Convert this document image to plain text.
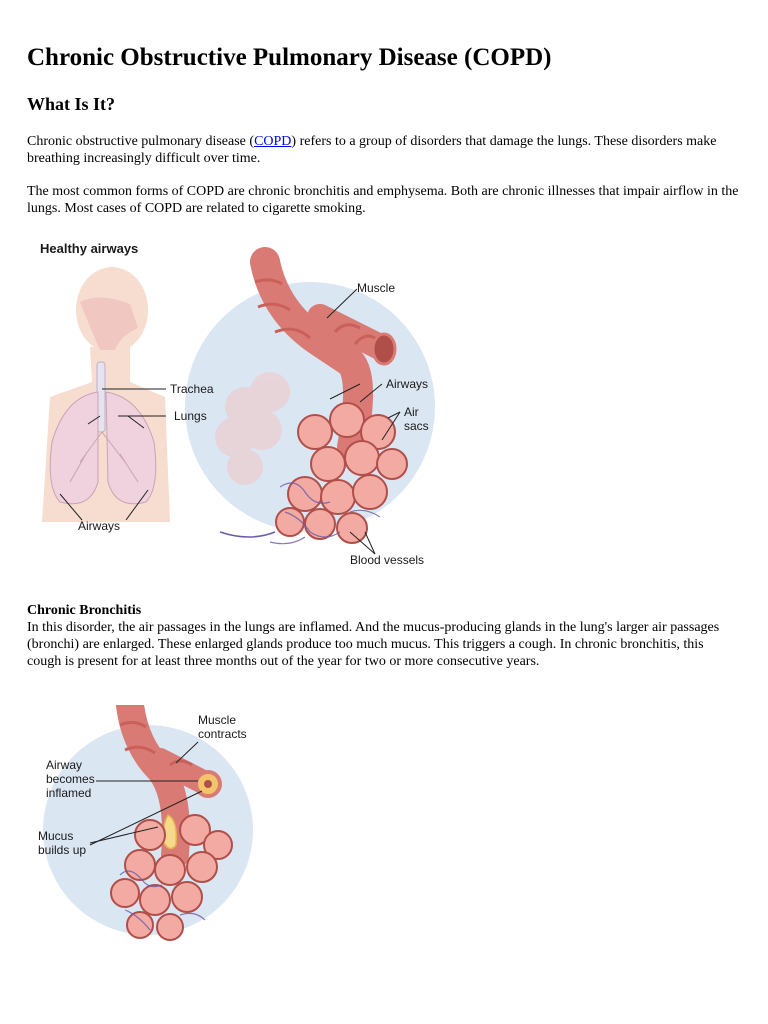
Chronic Obstructive Pulmonary Disease (COPD)
What Is It?

Chronic obstructive pulmonary disease (COPD) refers to a group of disorders that damage the lungs. These disorders make breathing increasingly difficult over time.

The most common forms of COPD are chronic bronchitis and emphysema. Both are chronic illnesses that impair airflow in the lungs. Most cases of COPD are related to cigarette smoking.

Chronic Bronchitis
In this disorder, the air passages in the lungs are inflamed. And the mucus-producing glands in the lung's larger air passages (bronchi) are enlarged. These enlarged glands produce too much mucus. This triggers a cough. In chronic bronchitis, this cough is present for at least three months out of the year for two or more consecutive years.

Healthy airways
Muscle
Trachea	Airways
Air
sacs
Lungs
Airways
Blood vessels
Muscle
contracts
Airway
becomes
inflamed
Mucus
builds up
